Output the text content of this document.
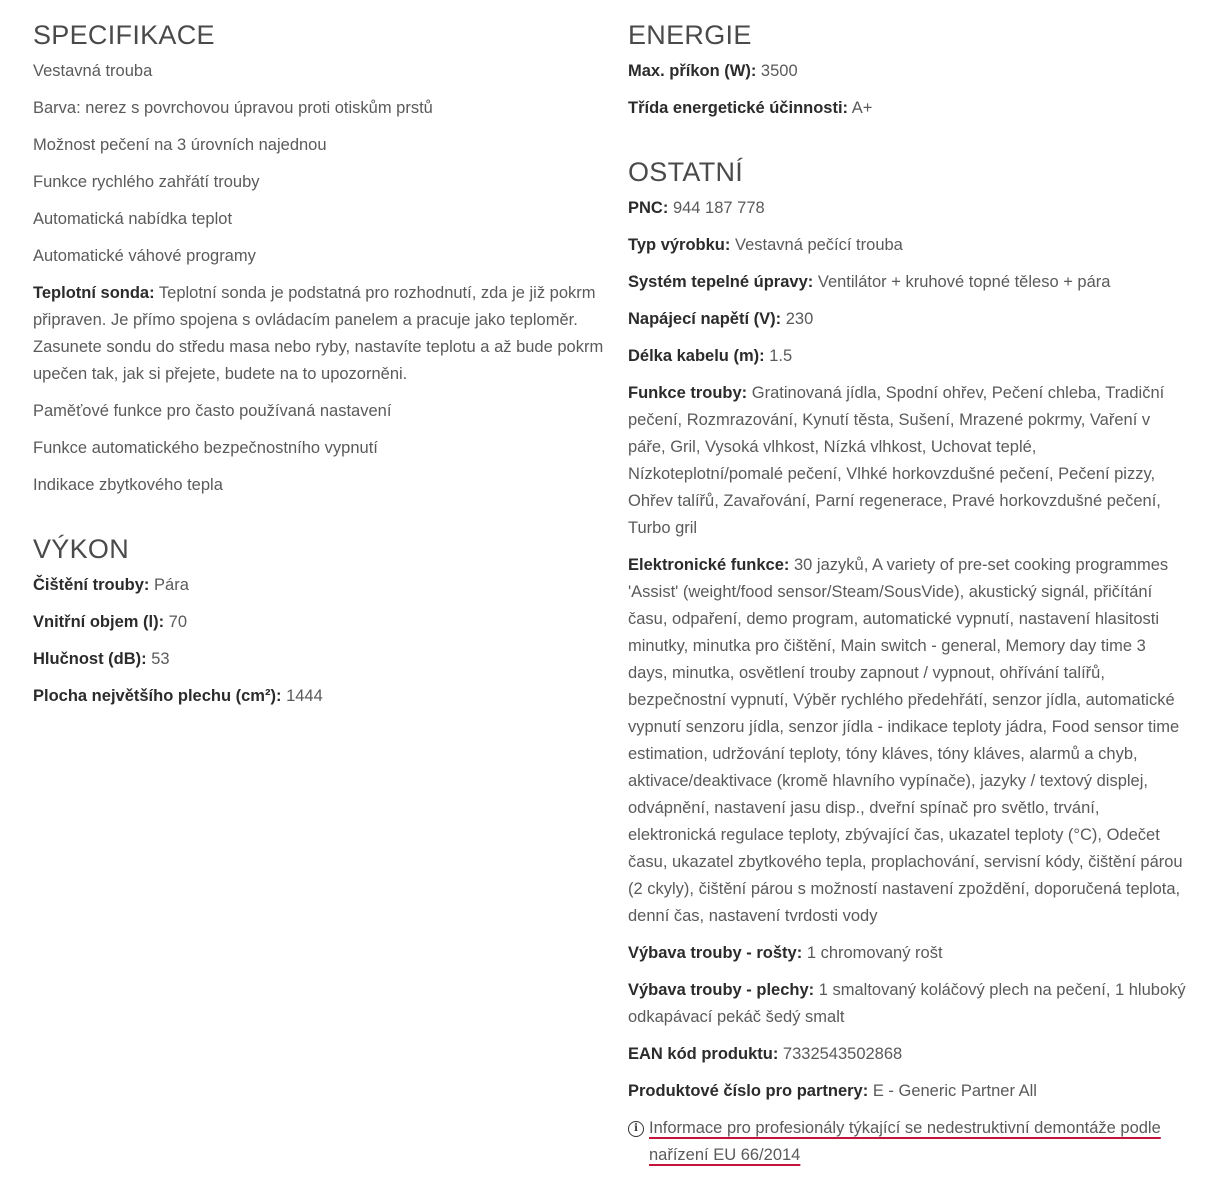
SPECIFIKACE

Vestavná trouba

Barva: nerez s povrchovou úpravou proti otiskům prstů

Možnost pečení na 3 úrovních najednou

Funkce rychlého zahřátí trouby

Automatická nabídka teplot

Automatické váhové programy

Teplotní sonda: Teplotní sonda je podstatná pro rozhodnutí, zda je již pokrm připraven. Je přímo spojena s ovládacím panelem a pracuje jako teploměr. Zasunete sondu do středu masa nebo ryby, nastavíte teplotu a až bude pokrm upečen tak, jak si přejete, budete na to upozorněni.

Paměťové funkce pro často používaná nastavení

Funkce automatického bezpečnostního vypnutí

Indikace zbytkového tepla

VÝKON

Čištění trouby: Pára

Vnitřní objem (l): 70

Hlučnost (dB): 53

Plocha největšího plechu (cm²): 1444

ENERGIE

Max. příkon (W): 3500

Třída energetické účinnosti: A+

OSTATNÍ

PNC: 944 187 778

Typ výrobku: Vestavná pečící trouba

Systém tepelné úpravy: Ventilátor + kruhové topné těleso + pára

Napájecí napětí (V): 230

Délka kabelu (m): 1.5

Funkce trouby: Gratinovaná jídla, Spodní ohřev, Pečení chleba, Tradiční pečení, Rozmrazování, Kynutí těsta, Sušení, Mrazené pokrmy, Vaření v páře, Gril, Vysoká vlhkost, Nízká vlhkost, Uchovat teplé, Nízkoteplotní/pomalé pečení, Vlhké horkovzdušné pečení, Pečení pizzy, Ohřev talířů, Zavařování, Parní regenerace, Pravé horkovzdušné pečení, Turbo gril

Elektronické funkce: 30 jazyků, A variety of pre-set cooking programmes 'Assist' (weight/food sensor/Steam/SousVide), akustický signál, přičítání času, odpaření, demo program, automatické vypnutí, nastavení hlasitosti minutky, minutka pro čištění, Main switch - general, Memory day time 3 days, minutka, osvětlení trouby zapnout / vypnout, ohřívání talířů, bezpečnostní vypnutí, Výběr rychlého předehřátí, senzor jídla, automatické vypnutí senzoru jídla, senzor jídla - indikace teploty jádra, Food sensor time estimation, udržování teploty, tóny kláves, tóny kláves, alarmů a chyb, aktivace/deaktivace (kromě hlavního vypínače), jazyky / textový displej, odvápnění, nastavení jasu disp., dveřní spínač pro světlo, trvání, elektronická regulace teploty, zbývající čas, ukazatel teploty (°C), Odečet času, ukazatel zbytkového tepla, proplachování, servisní kódy, čištění párou (2 ckyly), čištění párou s možností nastavení zpoždění, doporučená teplota, denní čas, nastavení tvrdosti vody

Výbava trouby - rošty: 1 chromovaný rošt

Výbava trouby - plechy: 1 smaltovaný koláčový plech na pečení, 1 hluboký odkapávací pekáč šedý smalt

EAN kód produktu: 7332543502868

Produktové číslo pro partnery: E - Generic Partner All

i Informace pro profesionály týkající se nedestruktivní demontáže podle nařízení EU 66/2014
